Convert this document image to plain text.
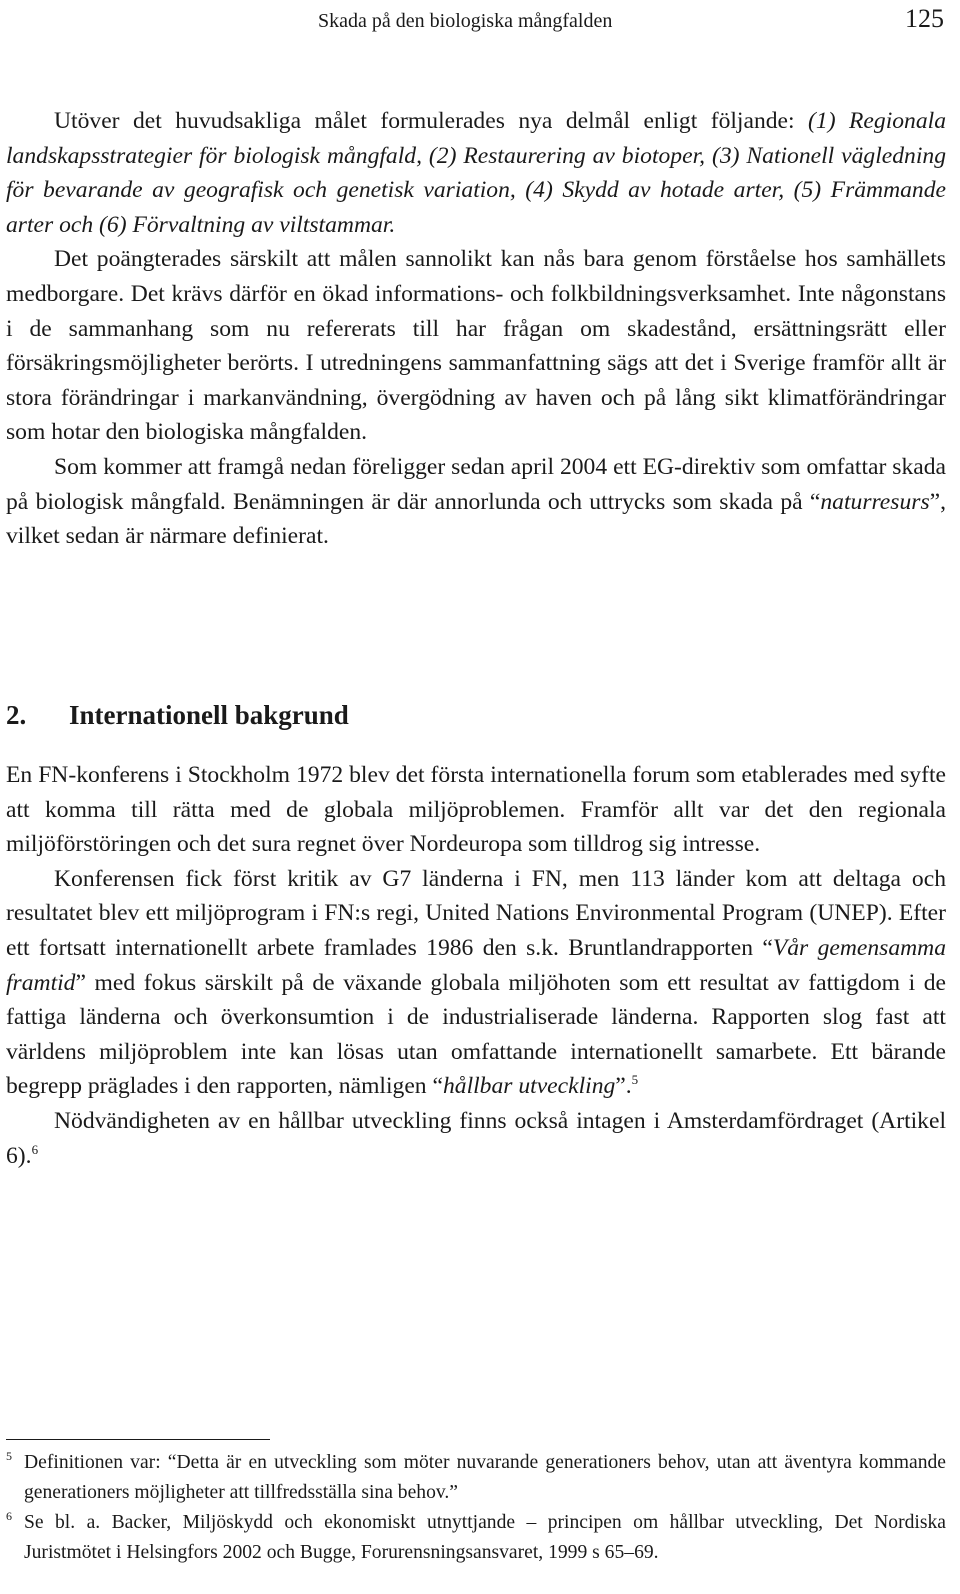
Skada på den biologiska mångfalden	125

Utöver det huvudsakliga målet formulerades nya delmål enligt följande: (1) Regionala landskapsstrategier för biologisk mångfald, (2) Restaurering av biotoper, (3) Nationell vägledning för bevarande av geografisk och genetisk variation, (4) Skydd av hotade arter, (5) Främmande arter och (6) Förvaltning av viltstammar.

Det poängterades särskilt att målen sannolikt kan nås bara genom förståelse hos samhällets medborgare. Det krävs därför en ökad informations- och folkbildningsverksamhet. Inte någonstans i de sammanhang som nu refererats till har frågan om skadestånd, ersättningsrätt eller försäkringsmöjligheter berörts. I utredningens sammanfattning sägs att det i Sverige framför allt är stora förändringar i markanvändning, övergödning av haven och på lång sikt klimatförändringar som hotar den biologiska mångfalden.

Som kommer att framgå nedan föreligger sedan april 2004 ett EG-direktiv som omfattar skada på biologisk mångfald. Benämningen är där annorlunda och uttrycks som skada på “naturresurs”, vilket sedan är närmare definierat.

2. Internationell bakgrund

En FN-konferens i Stockholm 1972 blev det första internationella forum som etablerades med syfte att komma till rätta med de globala miljöproblemen. Framför allt var det den regionala miljöförstöringen och det sura regnet över Nordeuropa som tilldrog sig intresse.

Konferensen fick först kritik av G7 länderna i FN, men 113 länder kom att deltaga och resultatet blev ett miljöprogram i FN:s regi, United Nations Environmental Program (UNEP). Efter ett fortsatt internationellt arbete framlades 1986 den s.k. Bruntlandrapporten “Vår gemensamma framtid” med fokus särskilt på de växande globala miljöhoten som ett resultat av fattigdom i de fattiga länderna och överkonsumtion i de industrialiserade länderna. Rapporten slog fast att världens miljöproblem inte kan lösas utan omfattande internationellt samarbete. Ett bärande begrepp präglades i den rapporten, nämligen “hållbar utveckling”.$^5$

Nödvändigheten av en hållbar utveckling finns också intagen i Amsterdamfördraget (Artikel 6).$^6$

5 Definitionen var: “Detta är en utveckling som möter nuvarande generationers behov, utan att äventyra kommande generationers möjligheter att tillfredsställa sina behov.”

6 Se bl. a. Backer, Miljöskydd och ekonomiskt utnyttjande – principen om hållbar utveckling, Det Nordiska Juristmötet i Helsingfors 2002 och Bugge, Forurensningsansvaret, 1999 s 65–69.
